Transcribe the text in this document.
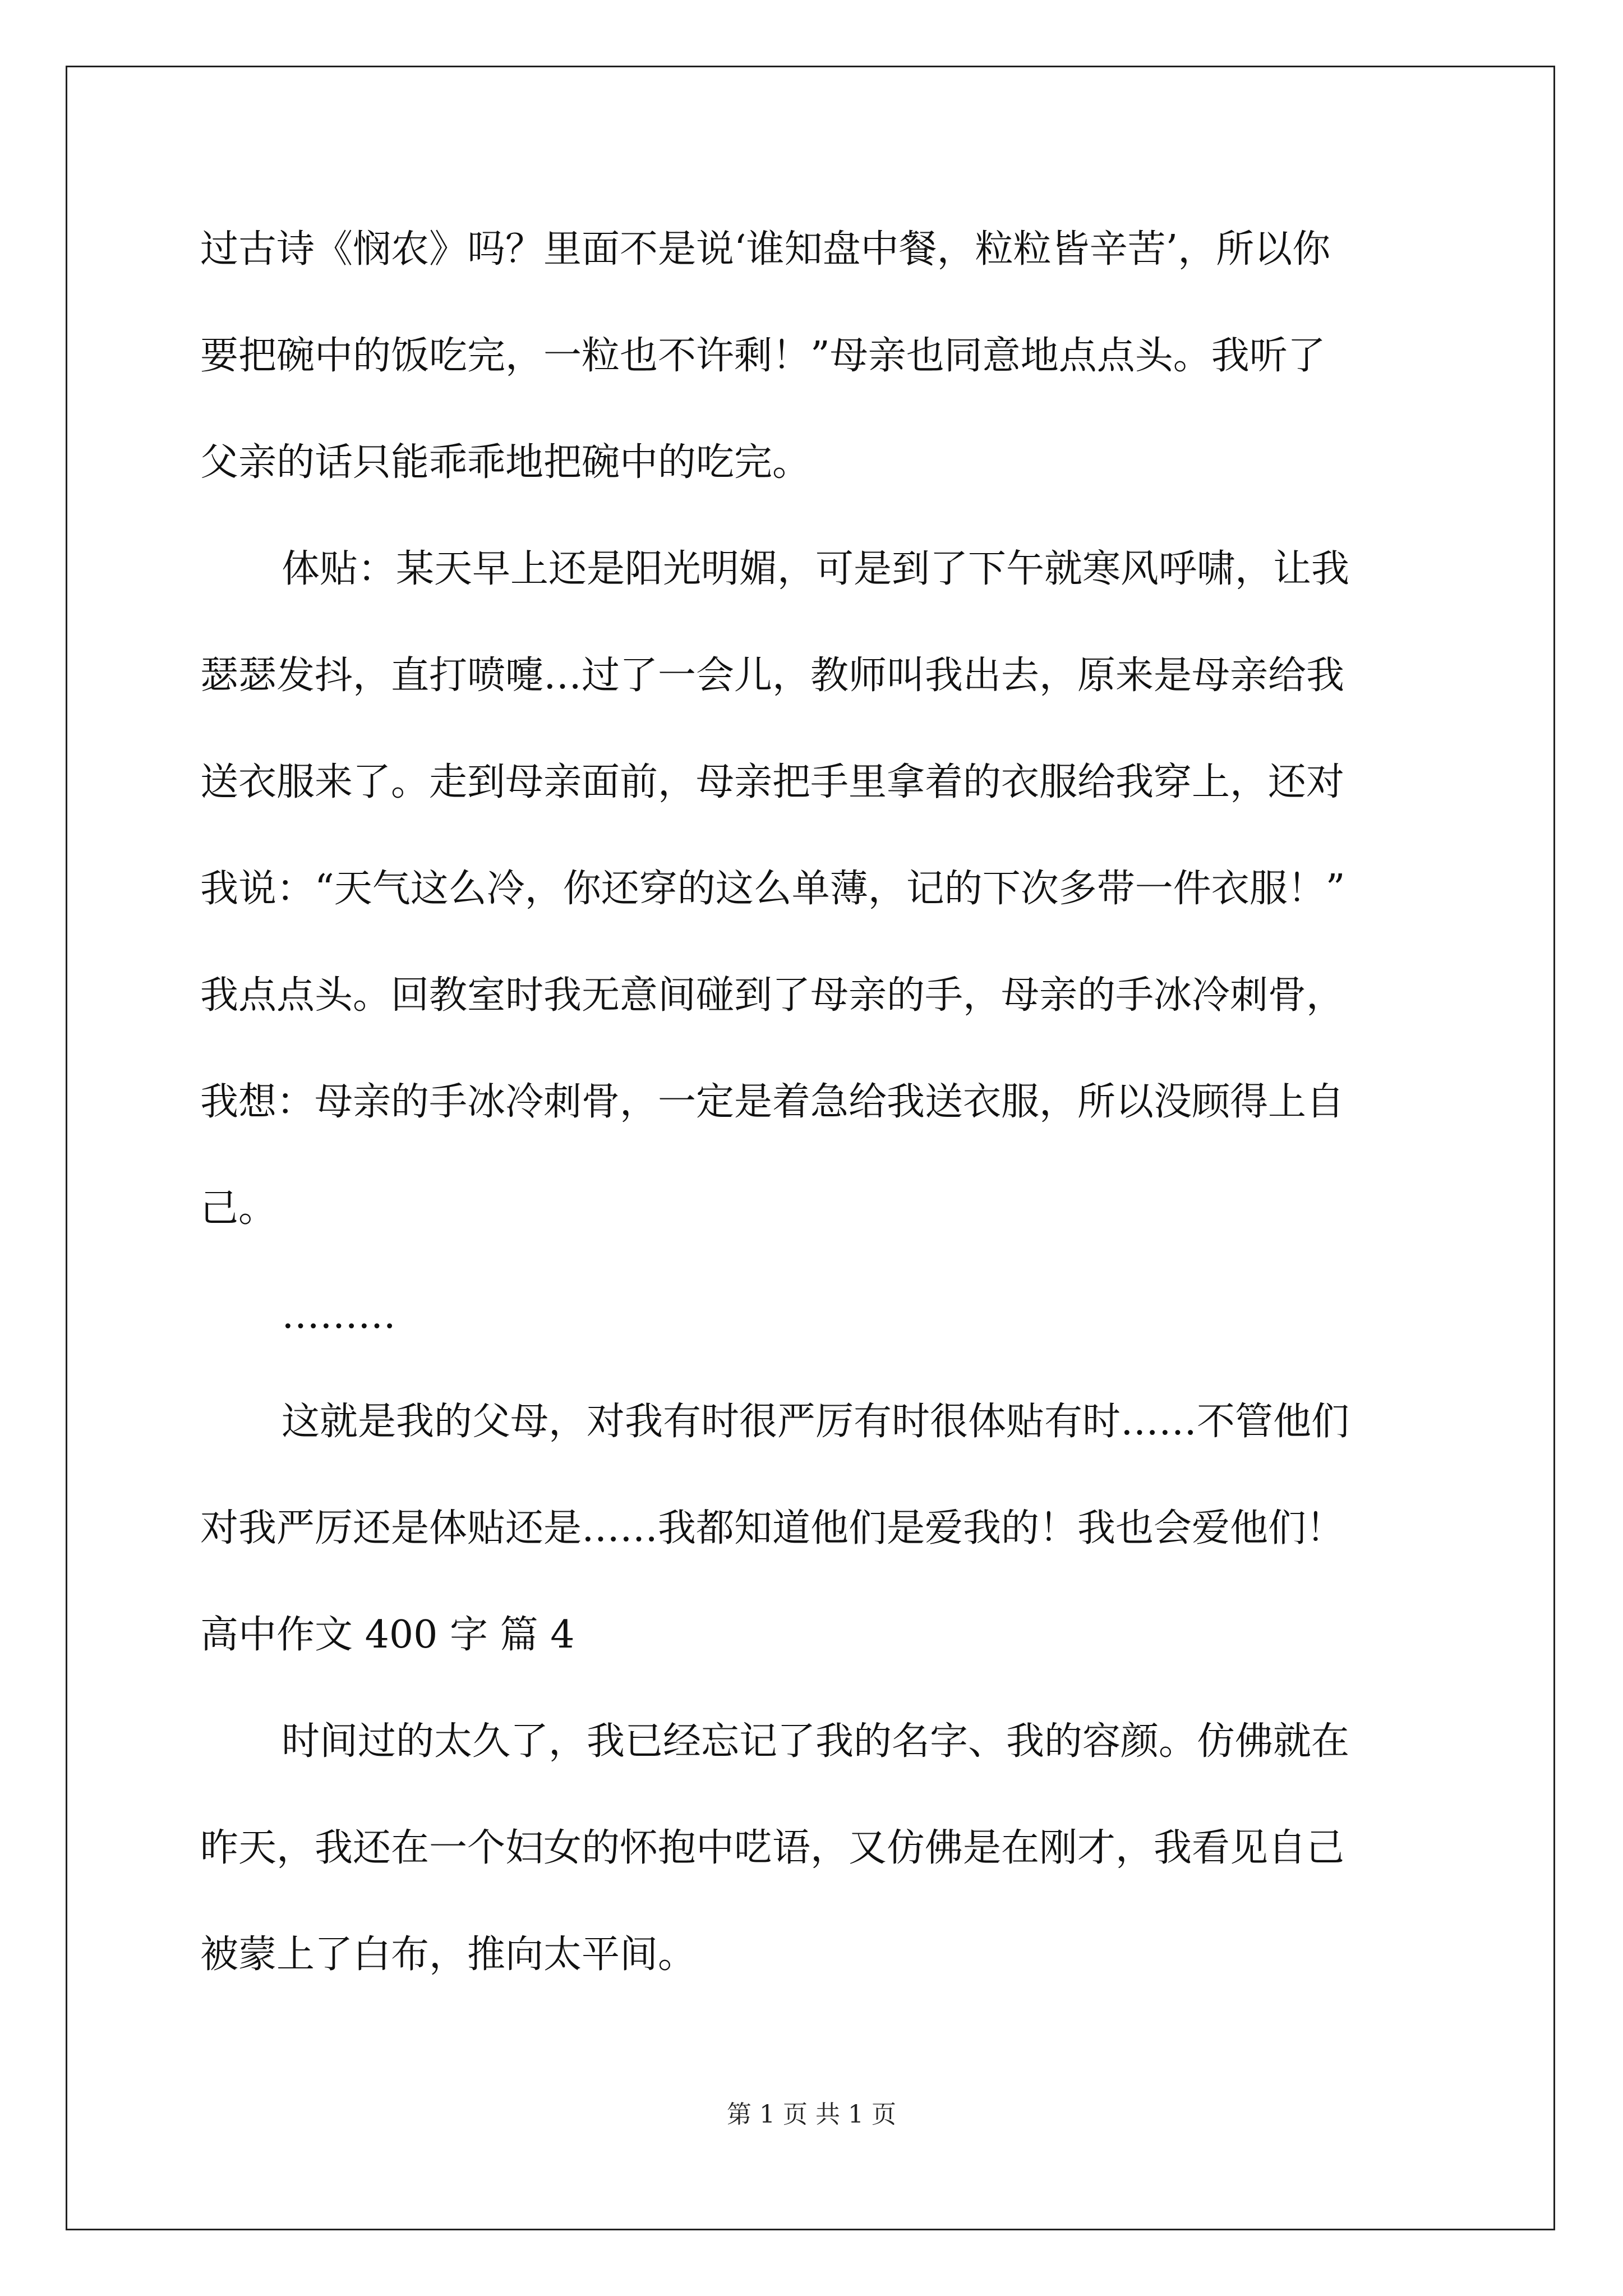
过古诗《悯农》吗？里面不是说‘谁知盘中餐，粒粒皆辛苦’，所以你
要把碗中的饭吃完，一粒也不许剩！”母亲也同意地点点头。我听了
父亲的话只能乖乖地把碗中的吃完。
体贴：某天早上还是阳光明媚，可是到了下午就寒风呼啸，让我
瑟瑟发抖，直打喷嚏…过了一会儿，教师叫我出去，原来是母亲给我
送衣服来了。走到母亲面前，母亲把手里拿着的衣服给我穿上，还对
我说：“天气这么冷，你还穿的这么单薄，记的下次多带一件衣服！”
我点点头。回教室时我无意间碰到了母亲的手，母亲的手冰冷刺骨，
我想：母亲的手冰冷刺骨，一定是着急给我送衣服，所以没顾得上自
己。
………
这就是我的父母，对我有时很严厉有时很体贴有时……不管他们
对我严厉还是体贴还是……我都知道他们是爱我的！我也会爱他们！
高中作文 400 字 篇 4
时间过的太久了，我已经忘记了我的名字、我的容颜。仿佛就在
昨天，我还在一个妇女的怀抱中呓语，又仿佛是在刚才，我看见自己
被蒙上了白布，推向太平间。
第 1 页 共 1 页
